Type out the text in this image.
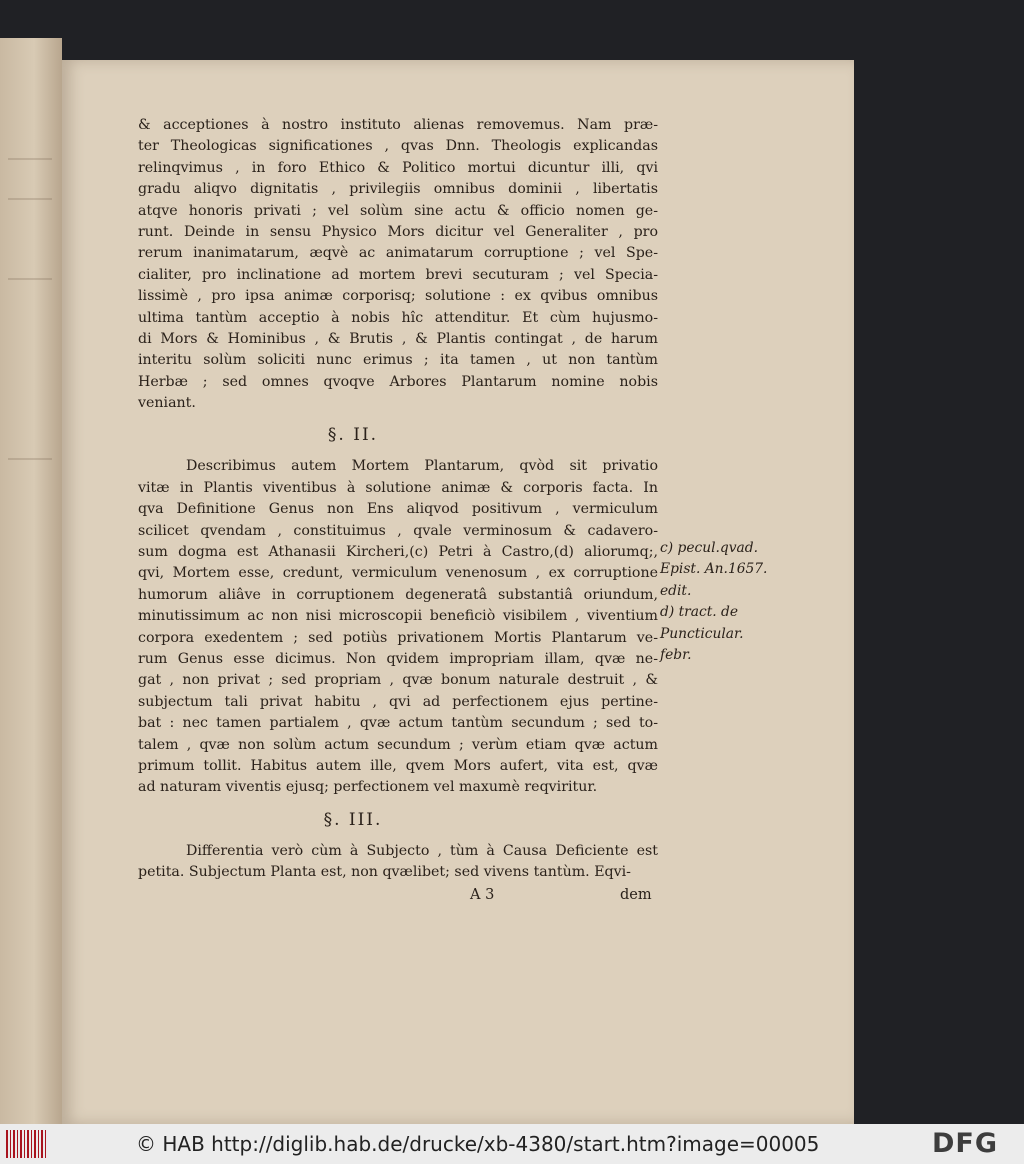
& acceptiones à nostro instituto alienas removemus. Nam præ-
ter Theologicas significationes , qvas Dnn. Theologis explicandas
relinqvimus , in foro Ethico & Politico mortui dicuntur illi, qvi
gradu aliqvo dignitatis , privilegiis omnibus dominii , libertatis
atqve honoris privati ; vel solùm sine actu & officio nomen ge-
runt. Deinde in sensu Physico Mors dicitur vel Generaliter , pro
rerum inanimatarum, æqvè ac animatarum corruptione ; vel Spe-
cialiter, pro inclinatione ad mortem brevi secuturam ; vel Specia-
lissimè , pro ipsa animæ corporisq; solutione : ex qvibus omnibus
ultima tantùm acceptio à nobis hîc attenditur. Et cùm hujusmo-
di Mors & Hominibus , & Brutis , & Plantis contingat , de harum
interitu solùm soliciti nunc erimus ; ita tamen , ut non tantùm
Herbæ ; sed omnes qvoqve Arbores Plantarum nomine nobis
veniant.
§. II.
Describimus autem Mortem Plantarum, qvòd sit privatio
vitæ in Plantis viventibus à solutione animæ & corporis facta. In
qva Definitione Genus non Ens aliqvod positivum , vermiculum
scilicet qvendam , constituimus , qvale verminosum & cadavero-
sum dogma est Athanasii Kircheri,(c) Petri à Castro,(d) aliorumq;,
qvi, Mortem esse, credunt, vermiculum venenosum , ex corruptione
humorum aliâve in corruptionem degeneratâ substantiâ oriundum,
minutissimum ac non nisi microscopii beneficiò visibilem , viventium
corpora exedentem ; sed potiùs privationem Mortis Plantarum ve-
rum Genus esse dicimus. Non qvidem impropriam illam, qvæ ne-
gat , non privat ; sed propriam , qvæ bonum naturale destruit , &
subjectum tali privat habitu , qvi ad perfectionem ejus pertine-
bat : nec tamen partialem , qvæ actum tantùm secundum ; sed to-
talem , qvæ non solùm actum secundum ; verùm etiam qvæ actum
primum tollit. Habitus autem ille, qvem Mors aufert, vita est, qvæ
ad naturam viventis ejusq; perfectionem vel maxumè reqviritur.
§. III.
Differentia verò cùm à Subjecto , tùm à Causa Deficiente est
petita. Subjectum Planta est, non qvælibet; sed vivens tantùm. Eqvi-
c) pecul.qvad.
Epist. An.1657.
edit.
d) tract. de
Puncticular.
febr.
A 3	dem
© HAB http://diglib.hab.de/drucke/xb-4380/start.htm?image=00005	DFG
